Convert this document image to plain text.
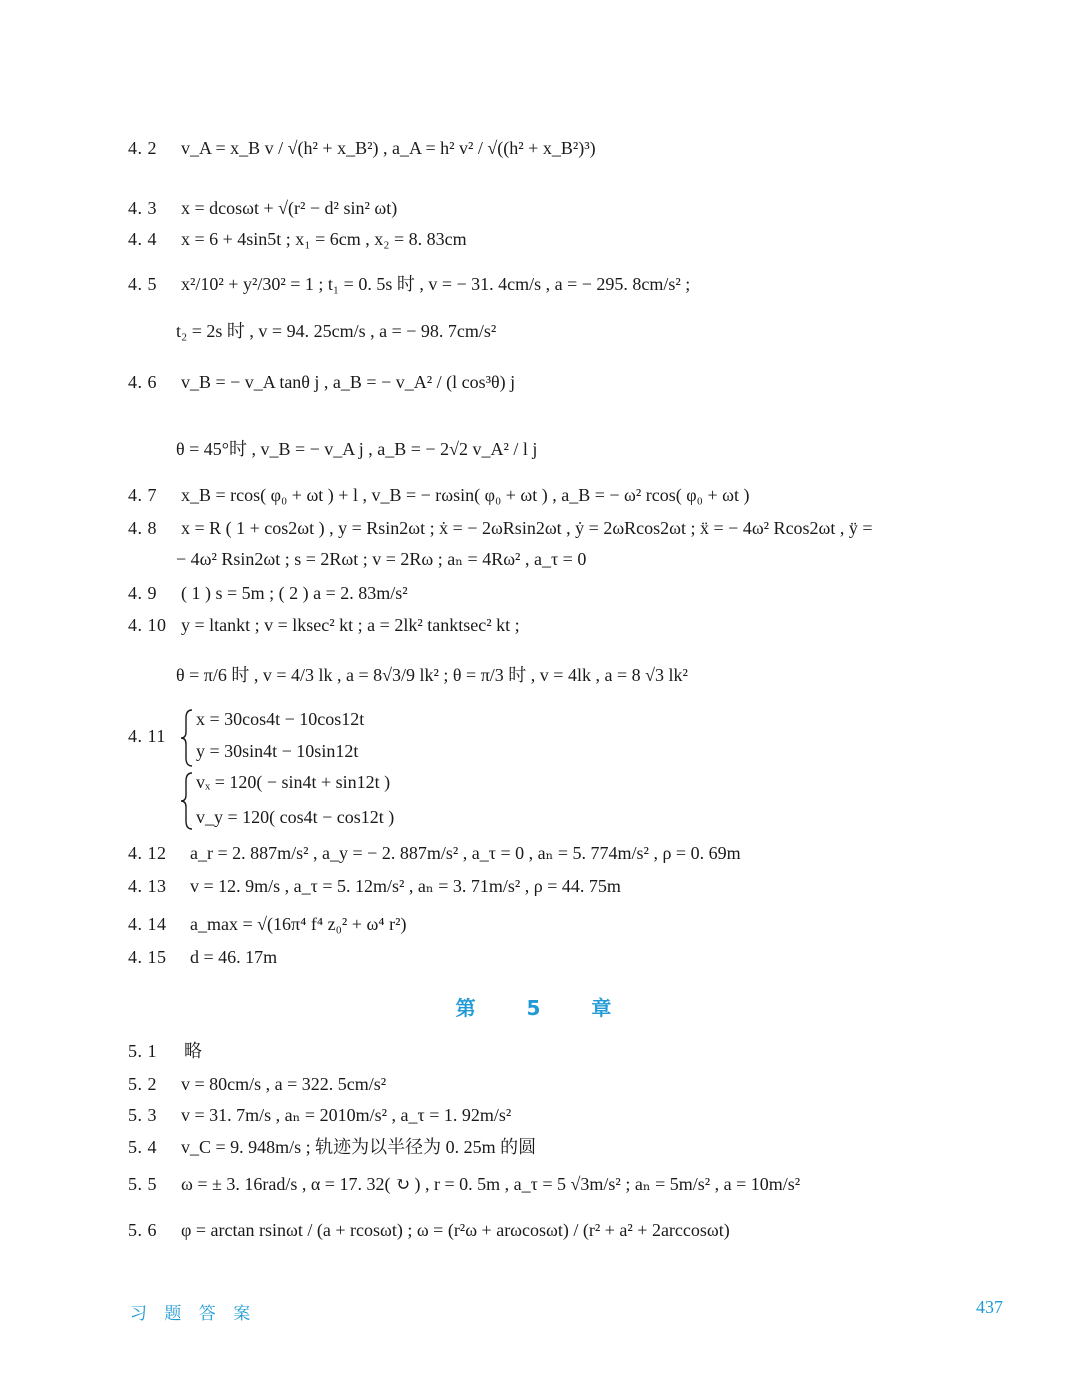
4. 2 v_A = x_B v / √(h² + x_B²) , a_A = h² v² / √((h² + x_B²)³)
4. 3 x = dcosωt + √(r² − d² sin² ωt)
4. 4 x = 6 + 4sin5t ; x₁ = 6cm , x₂ = 8. 83cm
4. 5 x²/10² + y²/30² = 1 ; t₁ = 0. 5s 时 , v = − 31. 4cm/s , a = − 295. 8cm/s² ;
t₂ = 2s 时 , v = 94. 25cm/s , a = − 98. 7cm/s²
4. 6 v_B = − v_A tanθ j , a_B = − v_A² / (l cos³θ) j
θ = 45°时 , v_B = − v_A j , a_B = − 2√2 v_A² / l j
4. 7 x_B = rcos( φ₀ + ωt ) + l , v_B = − rωsin( φ₀ + ωt ) , a_B = − ω² rcos( φ₀ + ωt )
4. 8 x = R ( 1 + cos2ωt ) , y = Rsin2ωt ; ẋ = − 2ωRsin2ωt , ẏ = 2ωRcos2ωt ; ẍ = − 4ω² Rcos2ωt , ÿ =
− 4ω² Rsin2ωt ; s = 2Rωt ; v = 2Rω ; aₙ = 4Rω² , a_τ = 0
4. 9 ( 1 ) s = 5m ; ( 2 ) a = 2. 83m/s²
4. 10 y = ltankt ; v = lksec² kt ; a = 2lk² tanktsec² kt ;
θ = π/6 时 , v = 4/3 lk , a = 8√3/9 lk² ; θ = π/3 时 , v = 4lk , a = 8 √3 lk²
4. 11
x = 30cos4t − 10cos12t
y = 30sin4t − 10sin12t
vₓ = 120( − sin4t + sin12t )
v_y = 120( cos4t − cos12t )
4. 12 a_r = 2. 887m/s² , a_y = − 2. 887m/s² , a_τ = 0 , aₙ = 5. 774m/s² , ρ = 0. 69m
4. 13 v = 12. 9m/s , a_τ = 5. 12m/s² , aₙ = 3. 71m/s² , ρ = 44. 75m
4. 14 a_max = √(16π⁴ f⁴ z₀² + ω⁴ r²)
4. 15 d = 46. 17m
第 5 章
5. 1 略
5. 2 v = 80cm/s , a = 322. 5cm/s²
5. 3 v = 31. 7m/s , aₙ = 2010m/s² , a_τ = 1. 92m/s²
5. 4 v_C = 9. 948m/s ; 轨迹为以半径为 0. 25m 的圆
5. 5 ω = ± 3. 16rad/s , α = 17. 32( ↻ ) , r = 0. 5m , a_τ = 5 √3m/s² ; aₙ = 5m/s² , a = 10m/s²
5. 6 φ = arctan rsinωt / (a + rcosωt) ; ω = (r²ω + arωcosωt) / (r² + a² + 2arccosωt)
习 题 答 案	437
